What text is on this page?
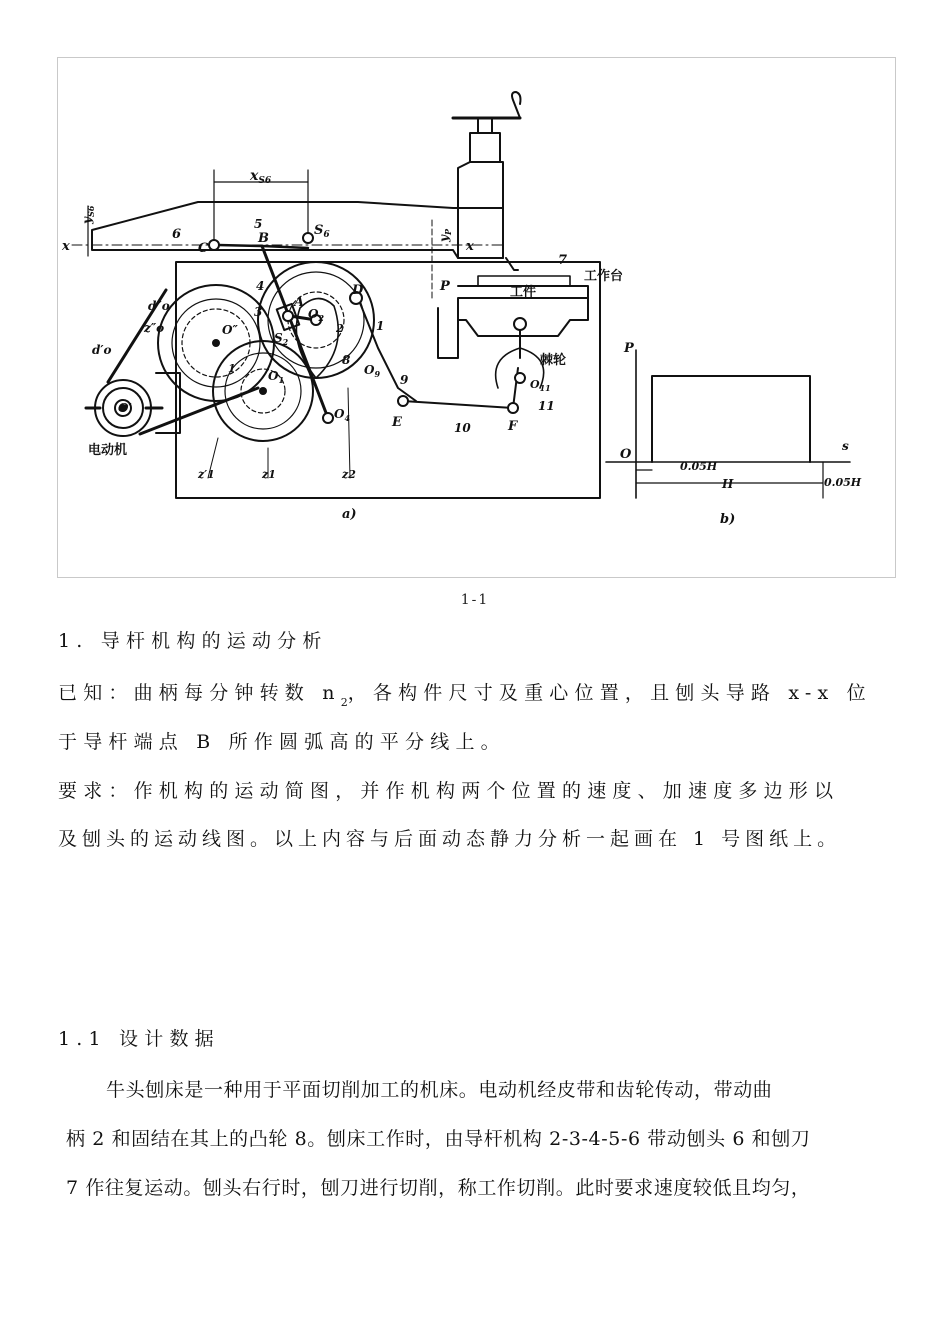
$x_{S6}$
$y_{S6}$
x	x
$y_P$
6
C
B
5	$S_6$
7
工作台
工件
P
4
A
3
D
$O_2$
2	1
$S_2$
8
$O_9$ 9
d″o
z″o	O″
d′o
O′
$O_1$
1
$O_4$	E	10	F
棘轮
$O_{11}$
11
电动机
z′1	z1	z2
a)
P
O
s
0.05H
H	0.05H
b)
1-1
1. 导杆机构的运动分析
已知：曲柄每分钟转数 $n_2$，各构件尺寸及重心位置，且刨头导路 x-x 位
于导杆端点 B 所作圆弧高的平分线上。
要求：作机构的运动简图，并作机构两个位置的速度、加速度多边形以
及刨头的运动线图。以上内容与后面动态静力分析一起画在 1 号图纸上。
1.1 设计数据
牛头刨床是一种用于平面切削加工的机床。电动机经皮带和齿轮传动，带动曲
柄 2 和固结在其上的凸轮 8。刨床工作时，由导杆机构 2-3-4-5-6 带动刨头 6 和刨刀
7 作往复运动。刨头右行时，刨刀进行切削，称工作切削。此时要求速度较低且均匀，
